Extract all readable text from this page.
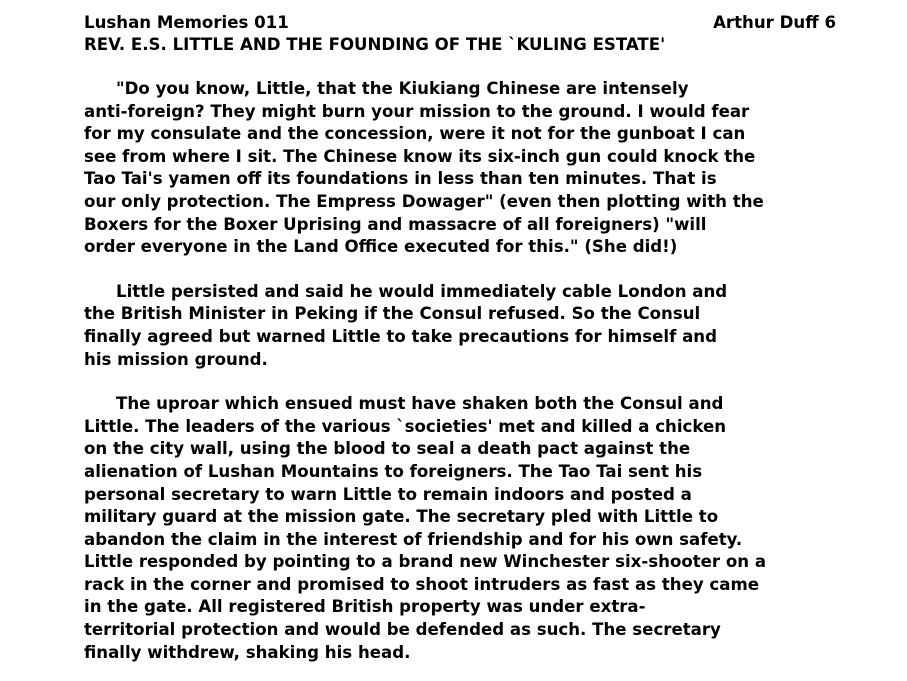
Lushan Memories 011	Arthur Duff 6
REV. E.S. LITTLE AND THE FOUNDING OF THE `KULING ESTATE'
"Do you know, Little, that the Kiukiang Chinese are intensely
anti-foreign? They might burn your mission to the ground. I would fear
for my consulate and the concession, were it not for the gunboat I can
see from where I sit. The Chinese know its six-inch gun could knock the
Tao Tai's yamen off its foundations in less than ten minutes. That is
our only protection. The Empress Dowager" (even then plotting with the
Boxers for the Boxer Uprising and massacre of all foreigners) "will
order everyone in the Land Office executed for this." (She did!)
Little persisted and said he would immediately cable London and
the British Minister in Peking if the Consul refused. So the Consul
finally agreed but warned Little to take precautions for himself and
his mission ground.
The uproar which ensued must have shaken both the Consul and
Little. The leaders of the various `societies' met and killed a chicken
on the city wall, using the blood to seal a death pact against the
alienation of Lushan Mountains to foreigners. The Tao Tai sent his
personal secretary to warn Little to remain indoors and posted a
military guard at the mission gate. The secretary pled with Little to
abandon the claim in the interest of friendship and for his own safety.
Little responded by pointing to a brand new Winchester six-shooter on a
rack in the corner and promised to shoot intruders as fast as they came
in the gate. All registered British property was under extra-
territorial protection and would be defended as such. The secretary
finally withdrew, shaking his head.
